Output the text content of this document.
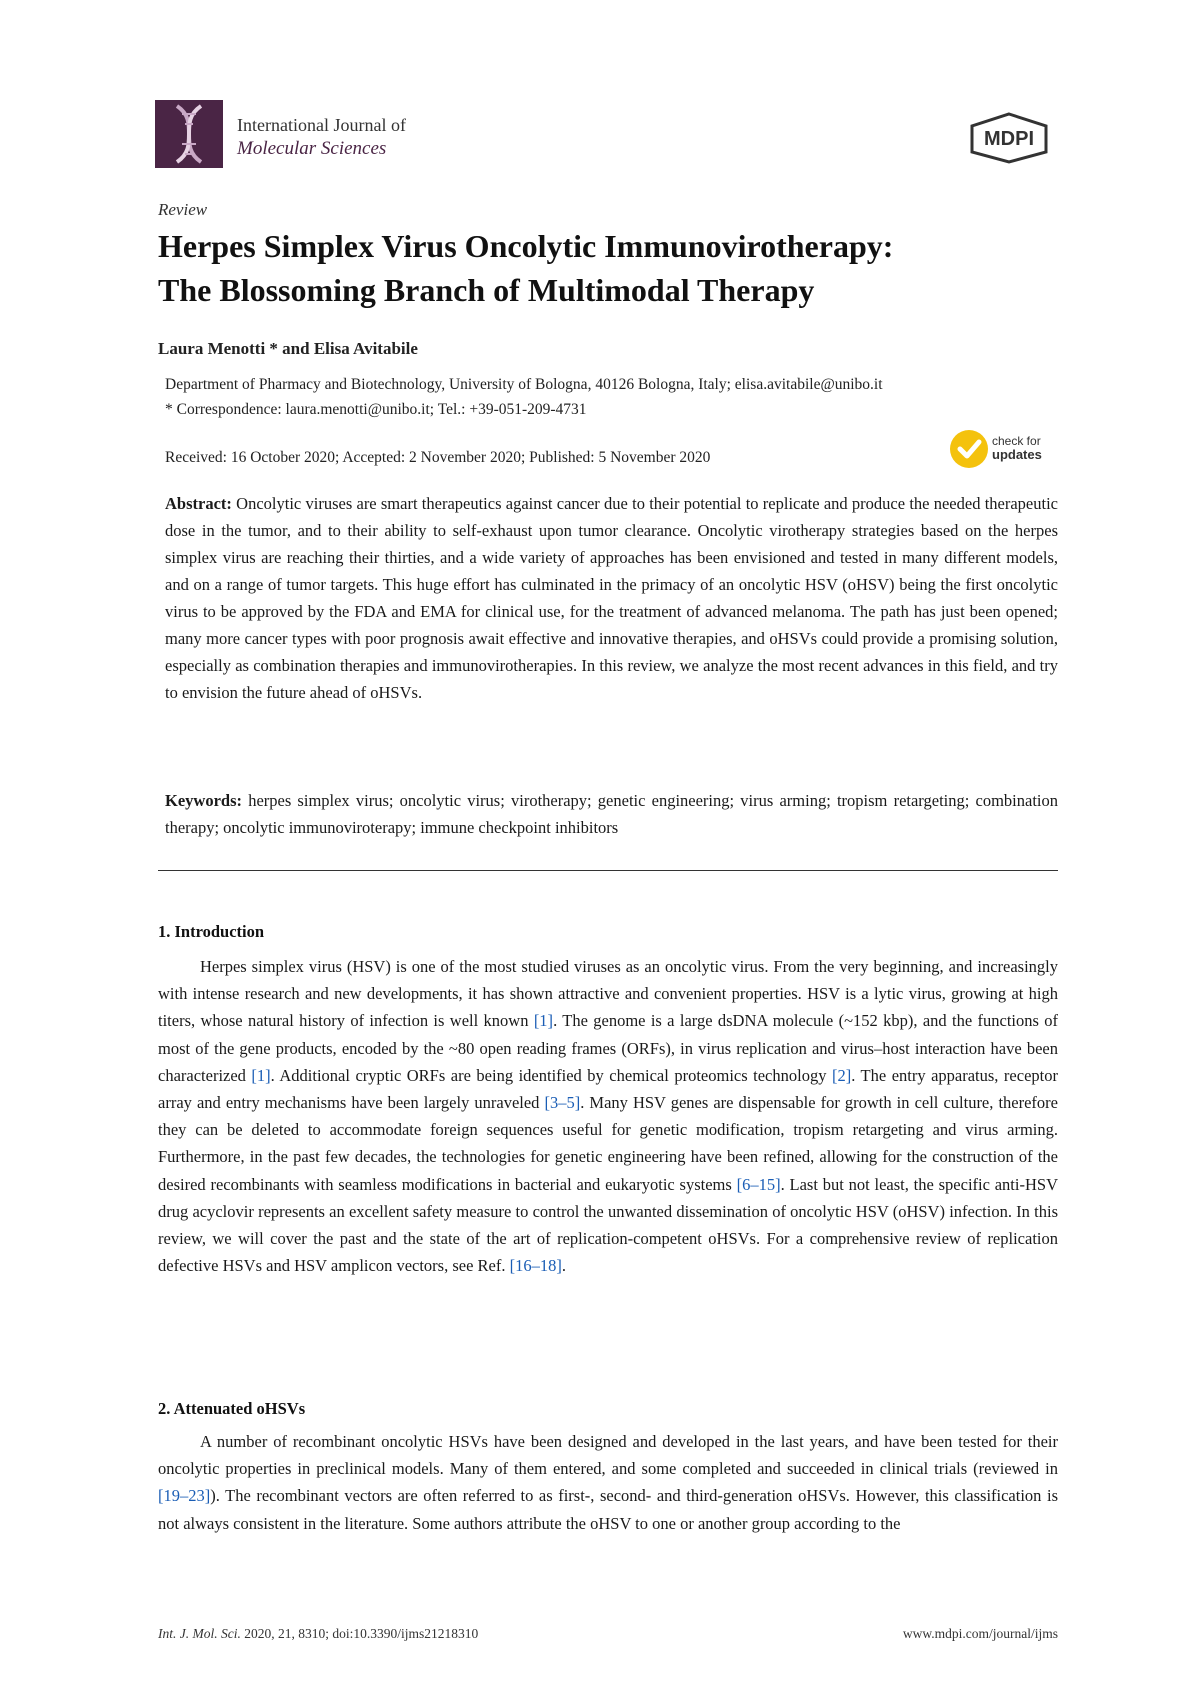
International Journal of
Molecular Sciences	MDPI
Review
Herpes Simplex Virus Oncolytic Immunovirotherapy:
The Blossoming Branch of Multimodal Therapy
Laura Menotti * and Elisa Avitabile
Department of Pharmacy and Biotechnology, University of Bologna, 40126 Bologna, Italy; elisa.avitabile@unibo.it
* Correspondence: laura.menotti@unibo.it; Tel.: +39-051-209-4731
Received: 16 October 2020; Accepted: 2 November 2020; Published: 5 November 2020
check for
updates

Abstract: Oncolytic viruses are smart therapeutics against cancer due to their potential to replicate and produce the needed therapeutic dose in the tumor, and to their ability to self-exhaust upon tumor clearance. Oncolytic virotherapy strategies based on the herpes simplex virus are reaching their thirties, and a wide variety of approaches has been envisioned and tested in many different models, and on a range of tumor targets. This huge effort has culminated in the primacy of an oncolytic HSV (oHSV) being the first oncolytic virus to be approved by the FDA and EMA for clinical use, for the treatment of advanced melanoma. The path has just been opened; many more cancer types with poor prognosis await effective and innovative therapies, and oHSVs could provide a promising solution, especially as combination therapies and immunovirotherapies. In this review, we analyze the most recent advances in this field, and try to envision the future ahead of oHSVs.

Keywords: herpes simplex virus; oncolytic virus; virotherapy; genetic engineering; virus arming; tropism retargeting; combination therapy; oncolytic immunoviroterapy; immune checkpoint inhibitors

1. Introduction

Herpes simplex virus (HSV) is one of the most studied viruses as an oncolytic virus. From the very beginning, and increasingly with intense research and new developments, it has shown attractive and convenient properties. HSV is a lytic virus, growing at high titers, whose natural history of infection is well known [1]. The genome is a large dsDNA molecule (~152 kbp), and the functions of most of the gene products, encoded by the ~80 open reading frames (ORFs), in virus replication and virus–host interaction have been characterized [1]. Additional cryptic ORFs are being identified by chemical proteomics technology [2]. The entry apparatus, receptor array and entry mechanisms have been largely unraveled [3–5]. Many HSV genes are dispensable for growth in cell culture, therefore they can be deleted to accommodate foreign sequences useful for genetic modification, tropism retargeting and virus arming. Furthermore, in the past few decades, the technologies for genetic engineering have been refined, allowing for the construction of the desired recombinants with seamless modifications in bacterial and eukaryotic systems [6–15]. Last but not least, the specific anti-HSV drug acyclovir represents an excellent safety measure to control the unwanted dissemination of oncolytic HSV (oHSV) infection. In this review, we will cover the past and the state of the art of replication-competent oHSVs. For a comprehensive review of replication defective HSVs and HSV amplicon vectors, see Ref. [16–18].

2. Attenuated oHSVs

A number of recombinant oncolytic HSVs have been designed and developed in the last years, and have been tested for their oncolytic properties in preclinical models. Many of them entered, and some completed and succeeded in clinical trials (reviewed in [19–23]). The recombinant vectors are often referred to as first-, second- and third-generation oHSVs. However, this classification is not always consistent in the literature. Some authors attribute the oHSV to one or another group according to the

Int. J. Mol. Sci. 2020, 21, 8310; doi:10.3390/ijms21218310	www.mdpi.com/journal/ijms
